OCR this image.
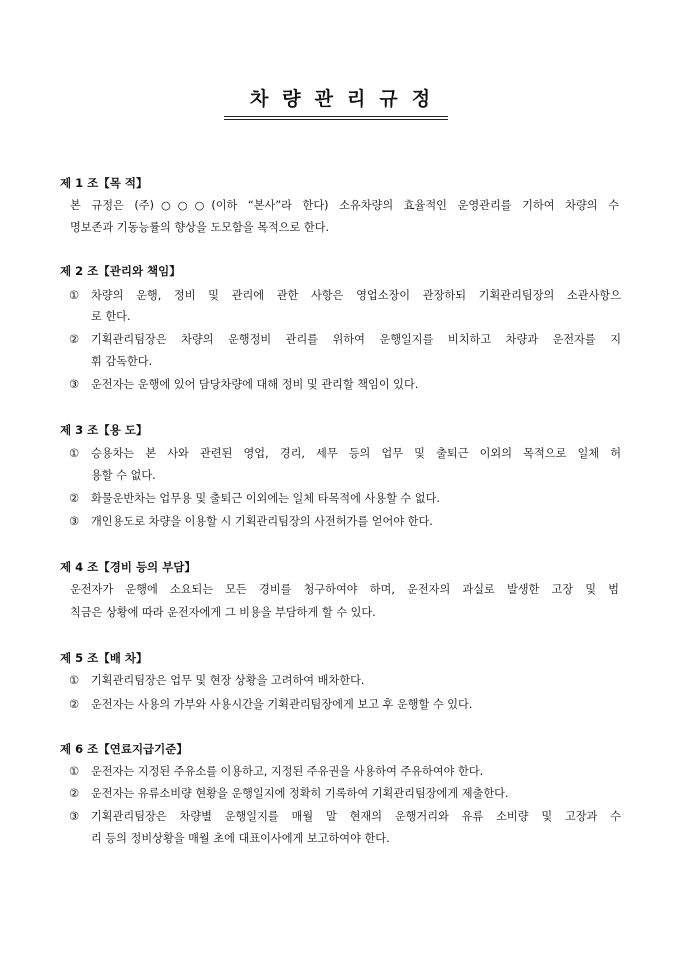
차량관리규정
제 1 조【목 적】
본 규정은 (주)○○○(이하 “본사”라 한다) 소유차량의 효율적인 운영관리를 기하여 차량의 수
명보존과 기동능률의 향상을 도모함을 목적으로 한다.
제 2 조【관리와 책임】
① 차량의 운행, 정비 및 관리에 관한 사항은 영업소장이 관장하되 기획관리팀장의 소관사항으
로 한다.
② 기획관리팀장은 차량의 운행정비 관리를 위하여 운행일지를 비치하고 차량과 운전자를 지
휘 감독한다.
③ 운전자는 운행에 있어 담당차량에 대해 정비 및 관리할 책임이 있다.
제 3 조【용 도】
① 승용차는 본 사와 관련된 영업, 경리, 세무 등의 업무 및 출퇴근 이외의 목적으로 일체 허
용할 수 없다.
② 화물운반차는 업무용 및 출퇴근 이외에는 일체 타목적에 사용할 수 없다.
③ 개인용도로 차량을 이용할 시 기획관리팀장의 사전허가를 얻어야 한다.
제 4 조【경비 등의 부담】
운전자가 운행에 소요되는 모든 경비를 청구하여야 하며, 운전자의 과실로 발생한 고장 및 범
칙금은 상황에 따라 운전자에게 그 비용을 부담하게 할 수 있다.
제 5 조【배 차】
① 기획관리팀장은 업무 및 현장 상황을 고려하여 배차한다.
② 운전자는 사용의 가부와 사용시간을 기획관리팀장에게 보고 후 운행할 수 있다.
제 6 조【연료지급기준】
① 운전자는 지정된 주유소를 이용하고, 지정된 주유권을 사용하여 주유하여야 한다.
② 운전자는 유류소비량 현황을 운행일지에 정확히 기록하여 기획관리팀장에게 제출한다.
③ 기획관리팀장은 차량별 운행일지를 매월 말 현재의 운행거리와 유류 소비량 및 고장과 수
리 등의 정비상황을 매월 초에 대표이사에게 보고하여야 한다.
